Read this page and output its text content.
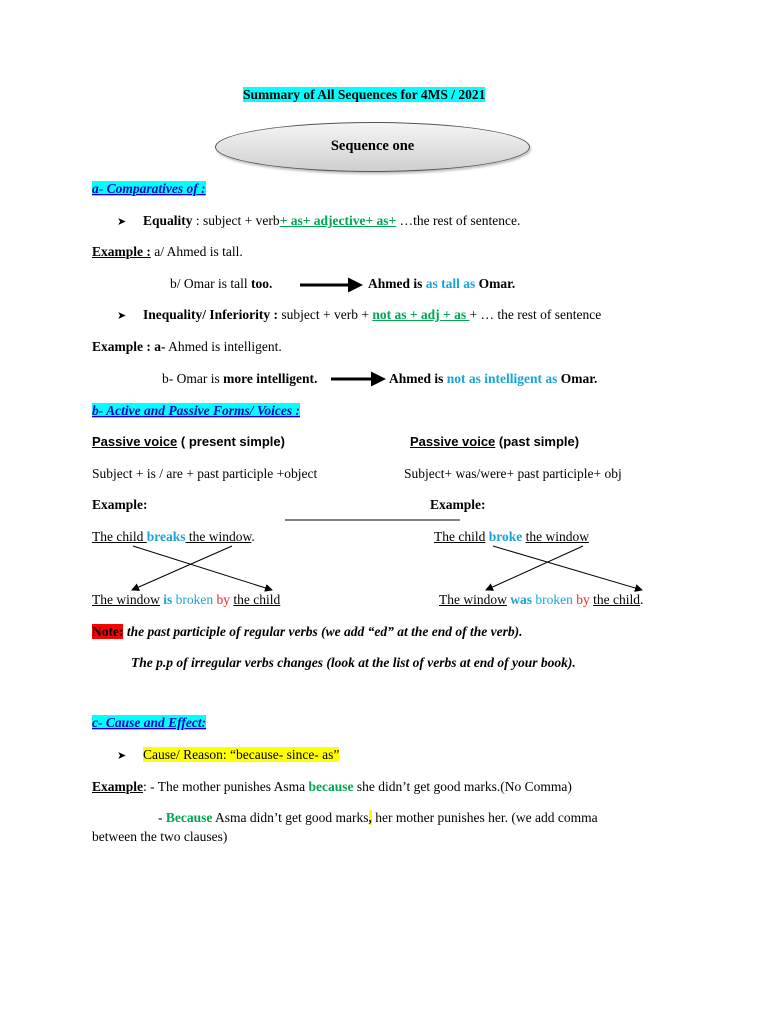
Summary of All Sequences for 4MS / 2021
Sequence one
a- Comparatives of :
➤ Equality : subject + verb+ as+ adjective+ as+ …the rest of sentence.
Example : a/ Ahmed is tall.
b/ Omar is tall too.	Ahmed is as tall as Omar.
➤ Inequality/ Inferiority : subject + verb + not as + adj + as + … the rest of sentence
Example : a- Ahmed is intelligent.
b- Omar is more intelligent.	Ahmed is not as intelligent as Omar.
b- Active and Passive Forms/ Voices :
Passive voice ( present simple)	Passive voice (past simple)
Subject + is / are + past participle +object	Subject+ was/were+ past participle+ obj
Example:	Example:
The child breaks the window.	The child broke the window
The window is broken by the child	The window was broken by the child.
Note: the past participle of regular verbs (we add “ed” at the end of the verb).
The p.p of irregular verbs changes (look at the list of verbs at end of your book).
c- Cause and Effect:
➤ Cause/ Reason: “because- since- as”
Example: - The mother punishes Asma because she didn’t get good marks.(No Comma)
- Because Asma didn’t get good marks, her mother punishes her. (we add comma
between the two clauses)
